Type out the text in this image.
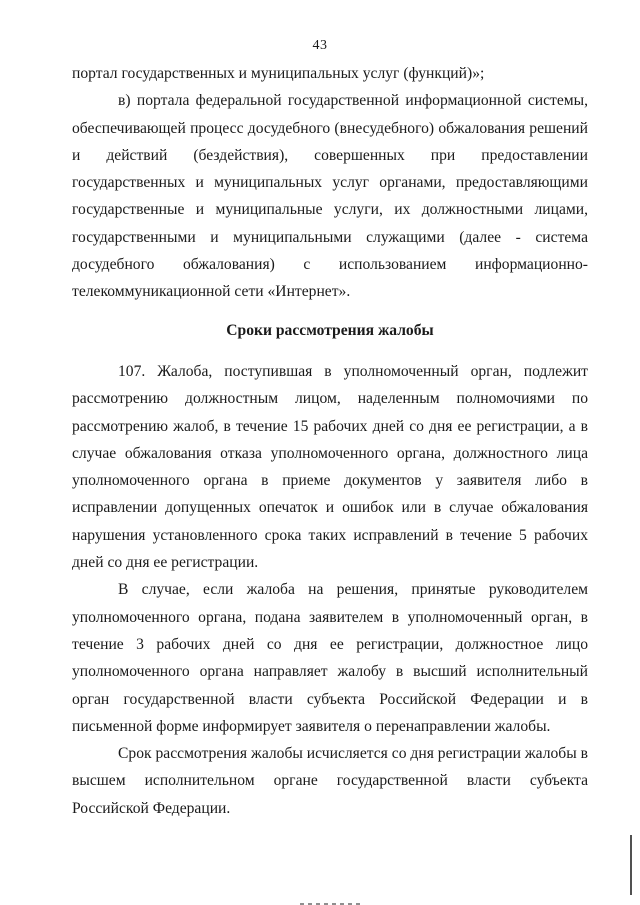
43

портал государственных и муниципальных услуг (функций)»;

в) портала федеральной государственной информационной системы, обеспечивающей процесс досудебного (внесудебного) обжалования решений и действий (бездействия), совершенных при предоставлении государственных и муниципальных услуг органами, предоставляющими государственные и муниципальные услуги, их должностными лицами, государственными и муниципальными служащими (далее - система досудебного обжалования) с использованием информационно-телекоммуникационной сети «Интернет».

Сроки рассмотрения жалобы

107. Жалоба, поступившая в уполномоченный орган, подлежит рассмотрению должностным лицом, наделенным полномочиями по рассмотрению жалоб, в течение 15 рабочих дней со дня ее регистрации, а в случае обжалования отказа уполномоченного органа, должностного лица уполномоченного органа в приеме документов у заявителя либо в исправлении допущенных опечаток и ошибок или в случае обжалования нарушения установленного срока таких исправлений в течение 5 рабочих дней со дня ее регистрации.

В случае, если жалоба на решения, принятые руководителем уполномоченного органа, подана заявителем в уполномоченный орган, в течение 3 рабочих дней со дня ее регистрации, должностное лицо уполномоченного органа направляет жалобу в высший исполнительный орган государственной власти субъекта Российской Федерации и в письменной форме информирует заявителя о перенаправлении жалобы.

Срок рассмотрения жалобы исчисляется со дня регистрации жалобы в высшем исполнительном органе государственной власти субъекта Российской Федерации.
